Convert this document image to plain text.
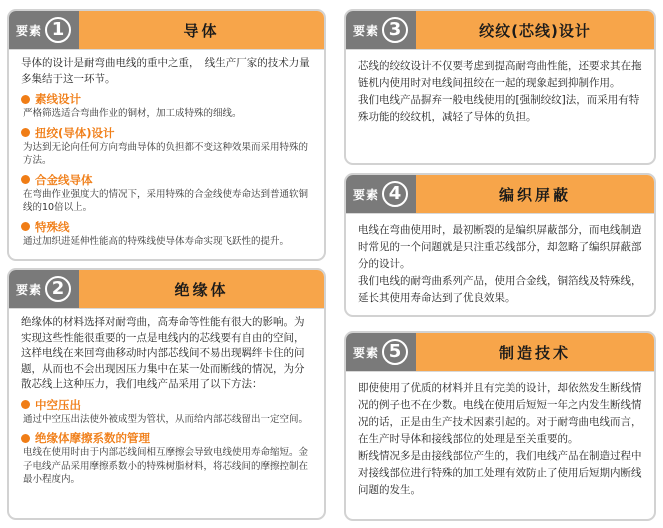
要素 1	导体

导体的设计是耐弯曲电线的重中之重，　线生产厂家的技术力量多集结于这一环节。

素线设计
严格筛选适合弯曲作业的铜材，加工成特殊的细线。
扭绞(导体)设计
为达到无论向任何方向弯曲导体的负担都不变这种效果而采用特殊的方法。
合金线导体
在弯曲作业强度大的情况下，采用特殊的合金线使寿命达到普通软铜线的10倍以上。
特殊线
通过加织进延伸性能高的特殊线使导体寿命实现飞跃性的提升。
要素 2	绝缘体

绝缘体的材料选择对耐弯曲，高寿命等性能有很大的影响。为实现这些性能很重要的一点是电线内的芯线要有自由的空间，这样电线在来回弯曲移动时内部芯线间不易出现羁绊卡住的问题，从而也不会出现因压力集中在某一处而断线的情况，为分散芯线上这种压力，我们电线产品采用了以下方法：

中空压出
通过中空压出法使外被成型为管状，从而给内部芯线留出一定空间。
绝缘体摩擦系数的管理
电线在使用时由于内部芯线间相互摩擦会导致电线使用寿命缩短。金子电线产品采用摩擦系数小的特殊树脂材料，将芯线间的摩擦控制在最小程度内。
要素 3	绞纹(芯线)设计

芯线的绞纹设计不仅要考虑到提高耐弯曲性能，还要求其在拖链机内使用时对电线间扭绞在一起的现象起到抑制作用。

我们电线产品摒弃一般电线使用的[强制绞纹]法，而采用有特殊功能的绞纹机，减轻了导体的负担。

要素 4	编织屏蔽

电线在弯曲使用时，最初断裂的是编织屏蔽部分，而电线制造时常见的一个问题就是只注重芯线部分，却忽略了编织屏蔽部分的设计。

我们电线的耐弯曲系列产品，使用合金线，铜箔线及特殊线，延长其使用寿命达到了优良效果。

要素 5	制造技术

即使使用了优质的材料并且有完美的设计，却依然发生断线情况的例子也不在少数。电线在使用后短短一年之内发生断线情况的话，正是由生产技术因素引起的。对于耐弯曲电线而言，在生产时导体和接线部位的处理是至关重要的。

断线情况多是由接线部位产生的，我们电线产品在制造过程中对接线部位进行特殊的加工处理有效防止了使用后短期内断线问题的发生。
